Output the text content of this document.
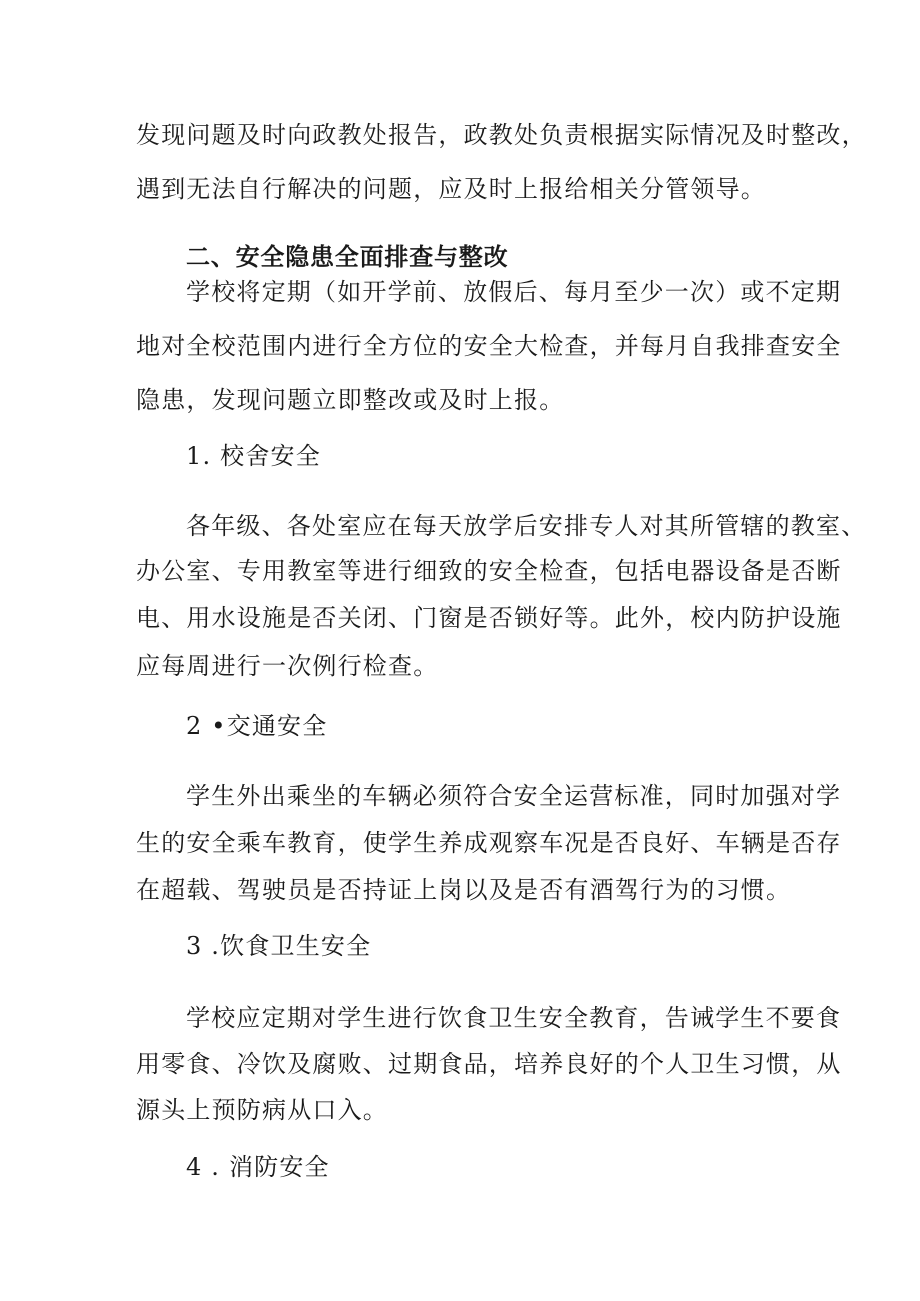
发现问题及时向政教处报告，政教处负责根据实际情况及时整改，

遇到无法自行解决的问题，应及时上报给相关分管领导。

二、安全隐患全面排查与整改

学校将定期（如开学前、放假后、每月至少一次）或不定期

地对全校范围内进行全方位的安全大检查，并每月自我排查安全

隐患，发现问题立即整改或及时上报。

1. 校舍安全

各年级、各处室应在每天放学后安排专人对其所管辖的教室、

办公室、专用教室等进行细致的安全检查，包括电器设备是否断

电、用水设施是否关闭、门窗是否锁好等。此外，校内防护设施

应每周进行一次例行检查。

2 •交通安全

学生外出乘坐的车辆必须符合安全运营标准，同时加强对学

生的安全乘车教育，使学生养成观察车况是否良好、车辆是否存

在超载、驾驶员是否持证上岗以及是否有酒驾行为的习惯。

3 .饮食卫生安全

学校应定期对学生进行饮食卫生安全教育，告诫学生不要食

用零食、冷饮及腐败、过期食品，培养良好的个人卫生习惯，从

源头上预防病从口入。

4 . 消防安全
